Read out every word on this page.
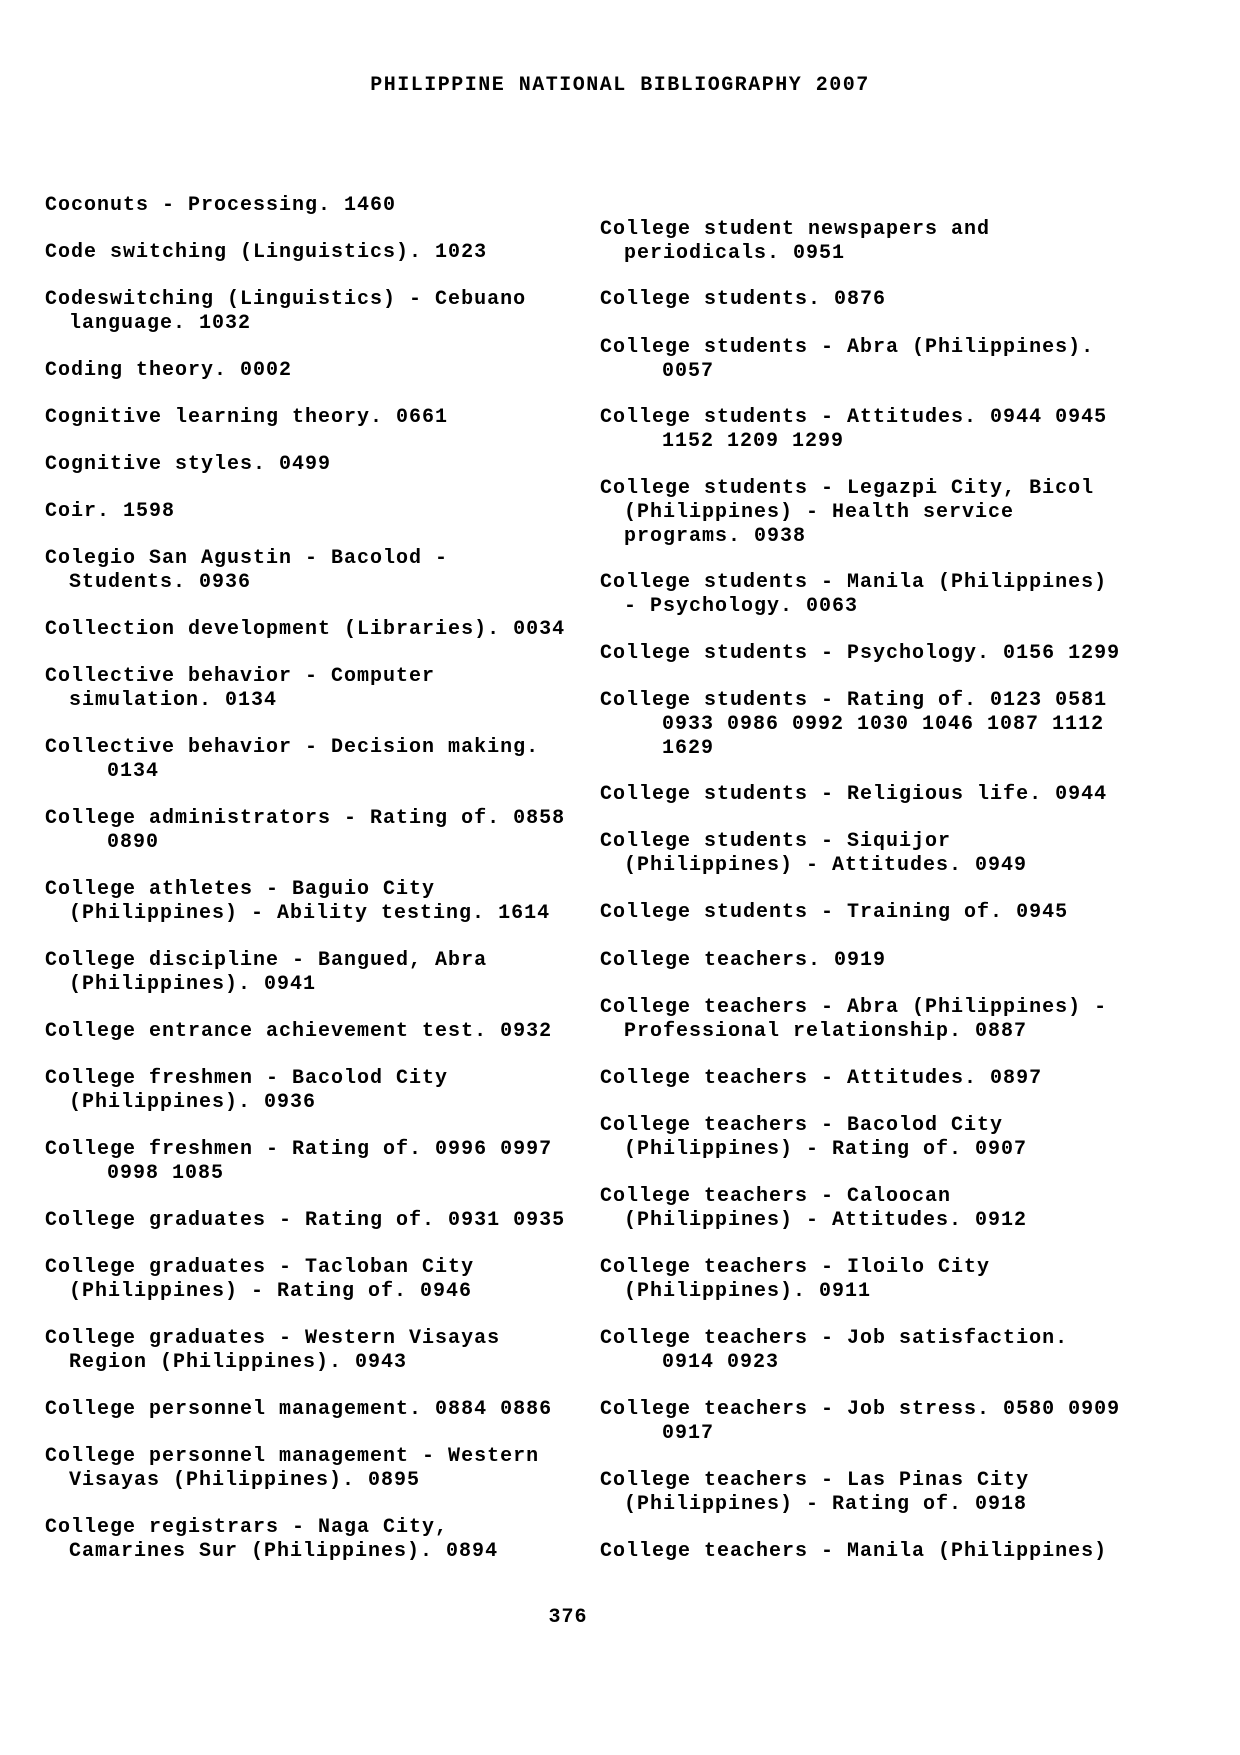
PHILIPPINE NATIONAL BIBLIOGRAPHY 2007
Coconuts - Processing. 1460
Code switching (Linguistics). 1023
Codeswitching (Linguistics) - Cebuano
language. 1032
Coding theory. 0002
Cognitive learning theory. 0661
Cognitive styles. 0499
Coir. 1598
Colegio San Agustin - Bacolod -
Students. 0936
Collection development (Libraries). 0034
Collective behavior - Computer
simulation. 0134
Collective behavior - Decision making.
0134
College administrators - Rating of. 0858
0890
College athletes - Baguio City
(Philippines) - Ability testing. 1614
College discipline - Bangued, Abra
(Philippines). 0941
College entrance achievement test. 0932
College freshmen - Bacolod City
(Philippines). 0936
College freshmen - Rating of. 0996 0997
0998 1085
College graduates - Rating of. 0931 0935
College graduates - Tacloban City
(Philippines) - Rating of. 0946
College graduates - Western Visayas
Region (Philippines). 0943
College personnel management. 0884 0886
College personnel management - Western
Visayas (Philippines). 0895
College registrars - Naga City,
Camarines Sur (Philippines). 0894
College student newspapers and
periodicals. 0951
College students. 0876
College students - Abra (Philippines).
0057
College students - Attitudes. 0944 0945
1152 1209 1299
College students - Legazpi City, Bicol
(Philippines) - Health service
programs. 0938
College students - Manila (Philippines)
- Psychology. 0063
College students - Psychology. 0156 1299
College students - Rating of. 0123 0581
0933 0986 0992 1030 1046 1087 1112
1629
College students - Religious life. 0944
College students - Siquijor
(Philippines) - Attitudes. 0949
College students - Training of. 0945
College teachers. 0919
College teachers - Abra (Philippines) -
Professional relationship. 0887
College teachers - Attitudes. 0897
College teachers - Bacolod City
(Philippines) - Rating of. 0907
College teachers - Caloocan
(Philippines) - Attitudes. 0912
College teachers - Iloilo City
(Philippines). 0911
College teachers - Job satisfaction.
0914 0923
College teachers - Job stress. 0580 0909
0917
College teachers - Las Pinas City
(Philippines) - Rating of. 0918
College teachers - Manila (Philippines)
376
